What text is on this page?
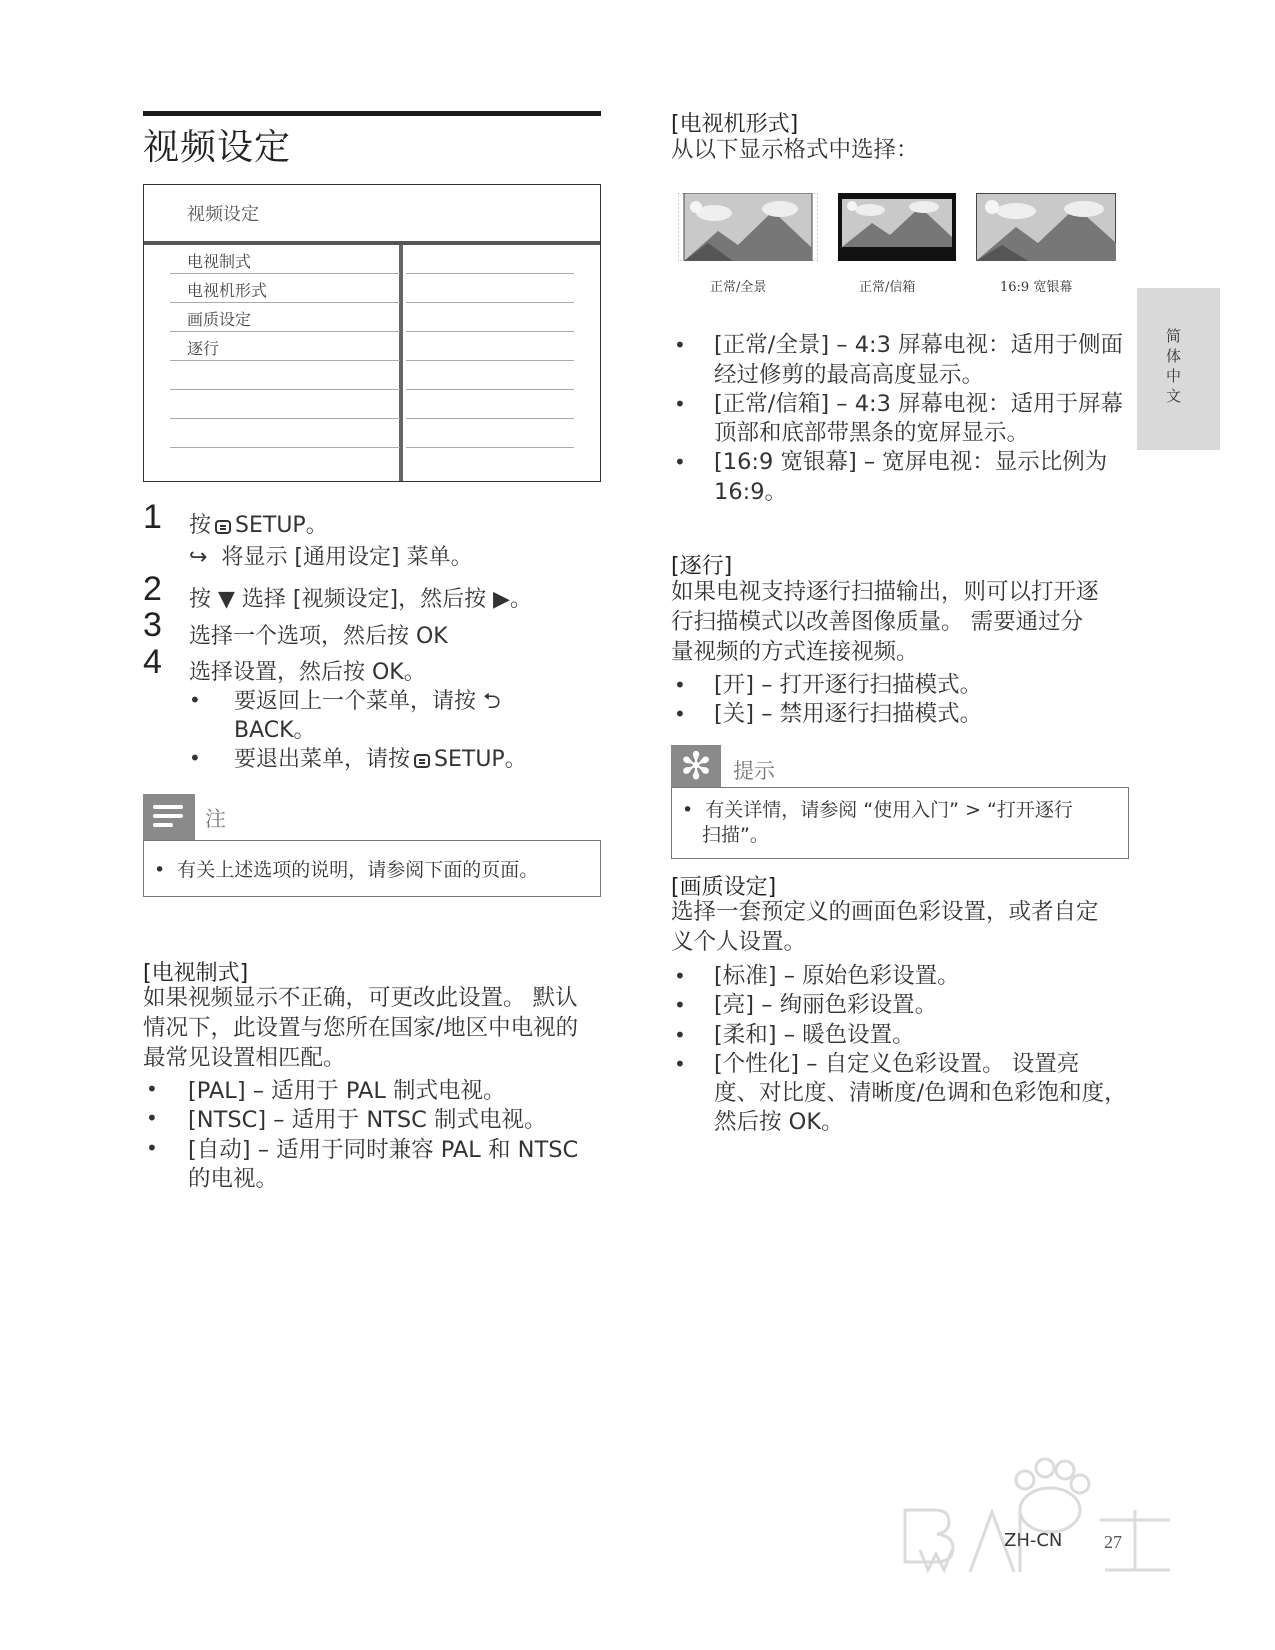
视频设定
视频设定
电视制式
电视机形式
画质设定
逐行
1 按 SETUP。
↪ 将显示 [通用设定] 菜单。
2 按 ▼ 选择 [视频设定]，然后按 ▶。
3 选择一个选项，然后按 OK
4 选择设置，然后按 OK。
• 要返回上一个菜单，请按 ⮌
BACK。
• 要退出菜单，请按 SETUP。
注
•  有关上述选项的说明，请参阅下面的页面。
[电视制式]
如果视频显示不正确，可更改此设置。 默认
情况下，此设置与您所在国家/地区中电视的
最常见设置相匹配。
• [PAL] – 适用于 PAL 制式电视。
• [NTSC] – 适用于 NTSC 制式电视。
• [自动] – 适用于同时兼容 PAL 和 NTSC
的电视。
[电视机形式]
从以下显示格式中选择：
正常/全景	正常/信箱	16:9 宽银幕
• [正常/全景] – 4:3 屏幕电视：适用于侧面
经过修剪的最高高度显示。
• [正常/信箱] – 4:3 屏幕电视：适用于屏幕
顶部和底部带黑条的宽屏显示。
• [16:9 宽银幕] – 宽屏电视：显示比例为
16:9。
[逐行]
如果电视支持逐行扫描输出，则可以打开逐
行扫描模式以改善图像质量。 需要通过分
量视频的方式连接视频。
• [开] – 打开逐行扫描模式。
• [关] – 禁用逐行扫描模式。
✻	提示
•  有关详情，请参阅 “使用入门” > “打开逐行
扫描”。
[画质设定]
选择一套预定义的画面色彩设置，或者自定
义个人设置。
• [标准] – 原始色彩设置。
• [亮] – 绚丽色彩设置。
• [柔和] – 暖色设置。
• [个性化] – 自定义色彩设置。 设置亮
度、对比度、清晰度/色调和色彩饱和度，
然后按 OK。
简体中文
ZH-CN 27
